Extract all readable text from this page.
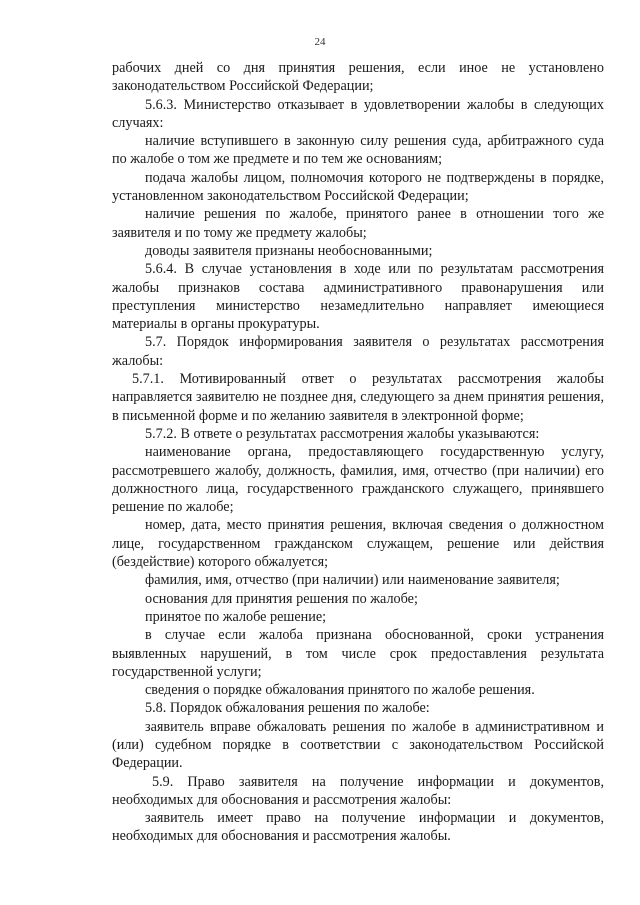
24

рабочих дней со дня принятия решения, если иное не установлено законодательством Российской Федерации;

5.6.3. Министерство отказывает в удовлетворении жалобы в следующих случаях:

наличие вступившего в законную силу решения суда, арбитражного суда по жалобе о том же предмете и по тем же основаниям;

подача жалобы лицом, полномочия которого не подтверждены в порядке, установленном законодательством Российской Федерации;

наличие решения по жалобе, принятого ранее в отношении того же заявителя и по тому же предмету жалобы;

доводы заявителя признаны необоснованными;

5.6.4. В случае установления в ходе или по результатам рассмотрения жалобы признаков состава административного правонарушения или преступления министерство незамедлительно направляет имеющиеся материалы в органы прокуратуры.

5.7. Порядок информирования заявителя о результатах рассмотрения жалобы:

5.7.1. Мотивированный ответ о результатах рассмотрения жалобы направляется заявителю не позднее дня, следующего за днем принятия решения, в письменной форме и по желанию заявителя в электронной форме;

5.7.2. В ответе о результатах рассмотрения жалобы указываются:

наименование органа, предоставляющего государственную услугу, рассмотревшего жалобу, должность, фамилия, имя, отчество (при наличии) его должностного лица, государственного гражданского служащего, принявшего решение по жалобе;

номер, дата, место принятия решения, включая сведения о должностном лице, государственном гражданском служащем, решение или действия (бездействие) которого обжалуется;

фамилия, имя, отчество (при наличии) или наименование заявителя;

основания для принятия решения по жалобе;

принятое по жалобе решение;

в случае если жалоба признана обоснованной, сроки устранения выявленных нарушений, в том числе срок предоставления результата государственной услуги;

сведения о порядке обжалования принятого по жалобе решения.

5.8. Порядок обжалования решения по жалобе:

заявитель вправе обжаловать решения по жалобе в административном и (или) судебном порядке в соответствии с законодательством Российской Федерации.

5.9. Право заявителя на получение информации и документов, необходимых для обоснования и рассмотрения жалобы:

заявитель имеет право на получение информации и документов, необходимых для обоснования и рассмотрения жалобы.
